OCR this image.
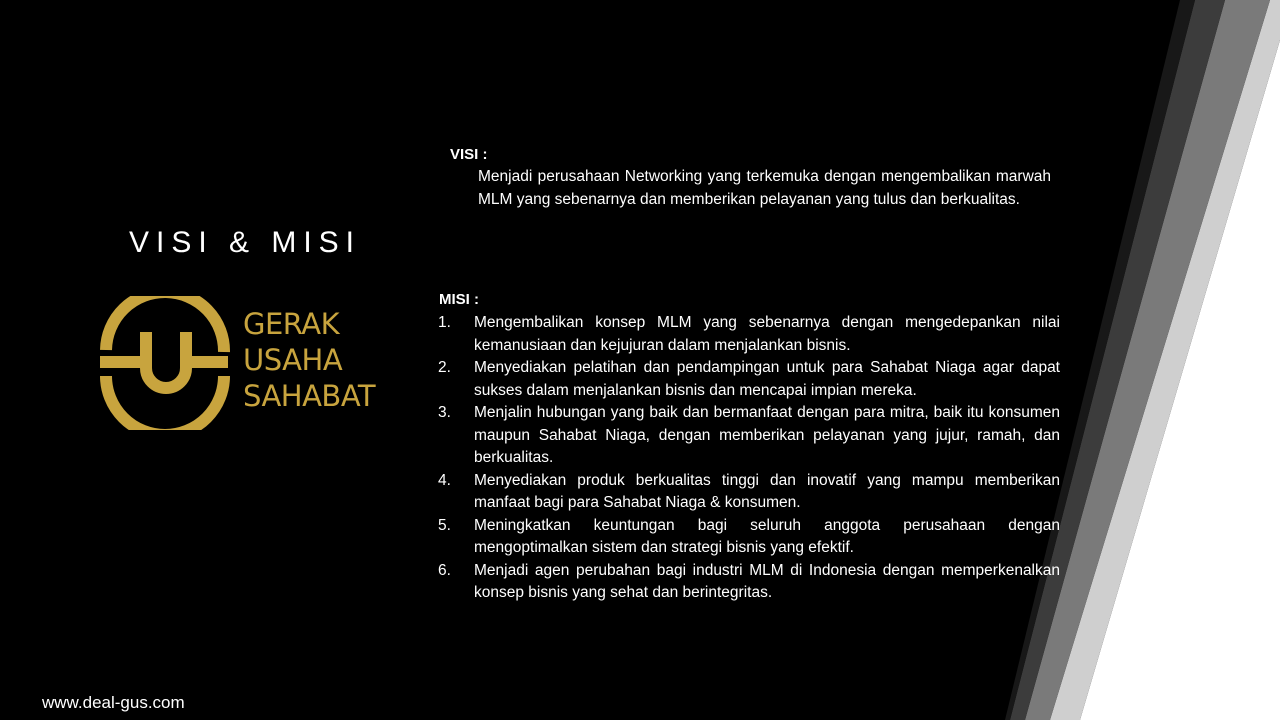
VISI & MISI
GERAK
USAHA
SAHABAT
VISI :
Menjadi perusahaan Networking yang terkemuka dengan mengembalikan marwah MLM yang sebenarnya dan memberikan pelayanan yang tulus dan berkualitas.
MISI :
1. Mengembalikan konsep MLM yang sebenarnya dengan mengedepankan nilai kemanusiaan dan kejujuran dalam menjalankan bisnis.
2. Menyediakan pelatihan dan pendampingan untuk para Sahabat Niaga agar dapat sukses dalam menjalankan bisnis dan mencapai impian mereka.
3. Menjalin hubungan yang baik dan bermanfaat dengan para mitra, baik itu konsumen maupun Sahabat Niaga, dengan memberikan pelayanan yang jujur, ramah, dan berkualitas.
4. Menyediakan produk berkualitas tinggi dan inovatif yang mampu memberikan manfaat bagi para Sahabat Niaga & konsumen.
5. Meningkatkan keuntungan bagi seluruh anggota perusahaan dengan mengoptimalkan sistem dan strategi bisnis yang efektif.
6. Menjadi agen perubahan bagi industri MLM di Indonesia dengan memperkenalkan konsep bisnis yang sehat dan berintegritas.
www.deal-gus.com
